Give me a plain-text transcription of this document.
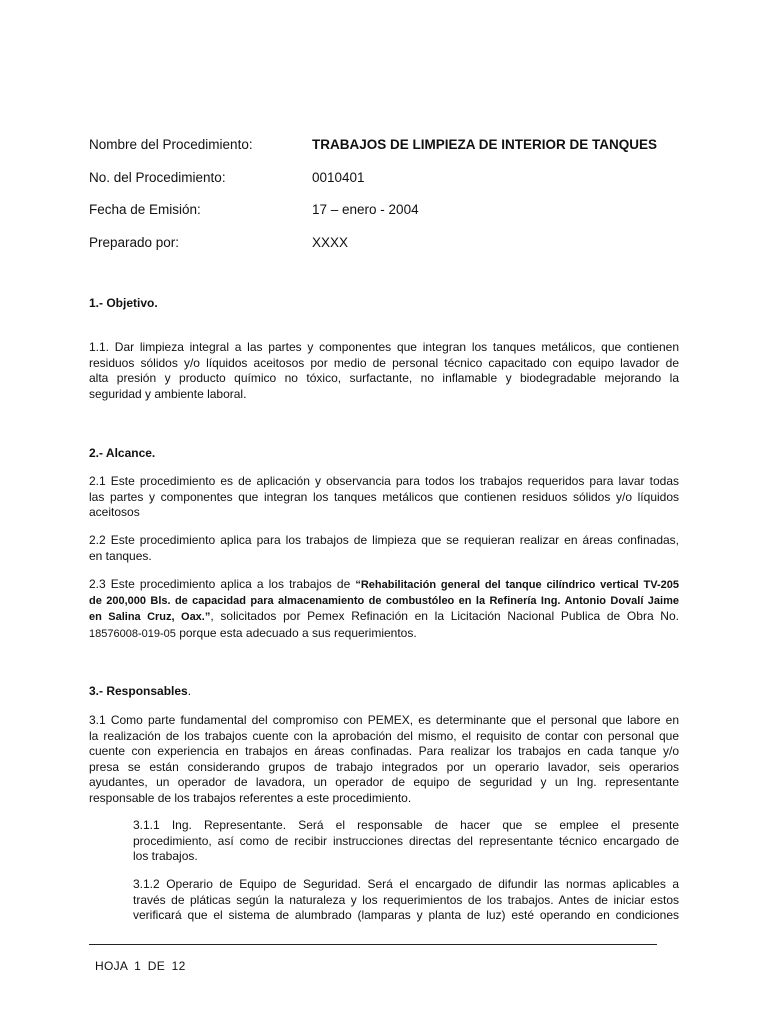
Nombre del Procedimiento:	TRABAJOS DE LIMPIEZA DE INTERIOR DE TANQUES
No. del Procedimiento:	0010401
Fecha de Emisión:	17 – enero - 2004
Preparado por:	XXXX
1.- Objetivo.
1.1. Dar limpieza integral a las partes y componentes que integran los tanques metálicos, que contienen
residuos sólidos y/o líquidos aceitosos por medio de personal técnico capacitado con equipo lavador de
alta presión y producto químico no tóxico, surfactante, no inflamable y biodegradable mejorando la
seguridad y ambiente laboral.
2.- Alcance.
2.1 Este procedimiento es de aplicación y observancia para todos los trabajos requeridos para lavar todas
las partes y componentes que integran los tanques metálicos que contienen residuos sólidos y/o líquidos
aceitosos
2.2 Este procedimiento aplica para los trabajos de limpieza que se requieran realizar en áreas confinadas,
en tanques.
2.3 Este procedimiento aplica a los trabajos de “Rehabilitación general del tanque cilíndrico vertical TV-205
de 200,000 Bls. de capacidad para almacenamiento de combustóleo en la Refinería Ing. Antonio Dovalí Jaime
en Salina Cruz, Oax.”, solicitados por Pemex Refinación en la Licitación Nacional Publica de Obra No.
18576008-019-05 porque esta adecuado a sus requerimientos.
3.- Responsables.
3.1 Como parte fundamental del compromiso con PEMEX, es determinante que el personal que labore en
la realización de los trabajos cuente con la aprobación del mismo, el requisito de contar con personal que
cuente con experiencia en trabajos en áreas confinadas. Para realizar los trabajos en cada tanque y/o
presa se están considerando grupos de trabajo integrados por un operario lavador, seis operarios
ayudantes, un operador de lavadora, un operador de equipo de seguridad y un Ing. representante
responsable de los trabajos referentes a este procedimiento.
3.1.1 Ing. Representante. Será el responsable de hacer que se emplee el presente
procedimiento, así como de recibir instrucciones directas del representante técnico encargado de
los trabajos.
3.1.2 Operario de Equipo de Seguridad. Será el encargado de difundir las normas aplicables a
través de pláticas según la naturaleza y los requerimientos de los trabajos. Antes de iniciar estos
verificará que el sistema de alumbrado (lamparas y planta de luz) esté operando en condiciones
HOJA 1 DE 12
